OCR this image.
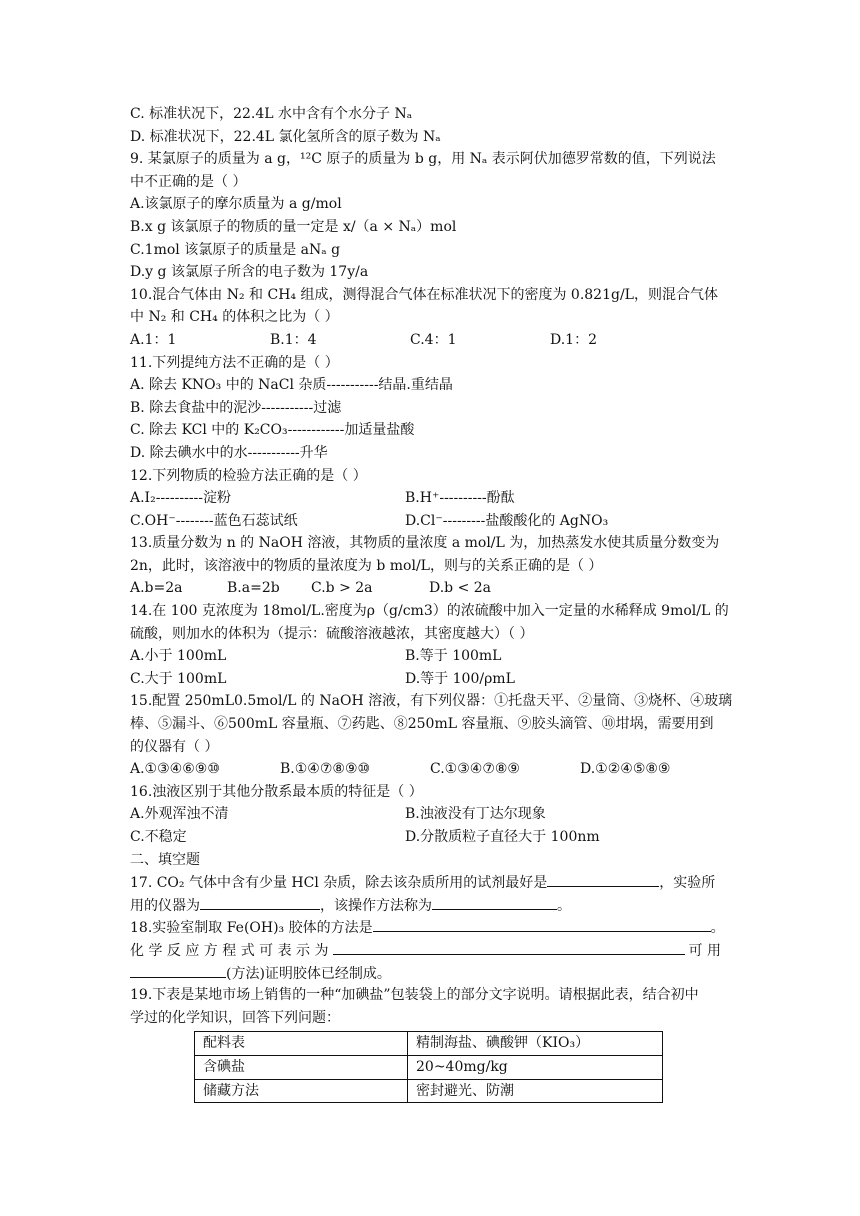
C. 标准状况下，22.4L 水中含有个水分子 Nₐ
D. 标准状况下，22.4L 氯化氢所含的原子数为 Nₐ
9. 某氯原子的质量为 a g，¹²C 原子的质量为 b g，用 Nₐ 表示阿伏加德罗常数的值，下列说法
中不正确的是（ ）
A.该氯原子的摩尔质量为 a g/mol
B.x g 该氯原子的物质的量一定是 x/（a × Nₐ）mol
C.1mol 该氯原子的质量是 aNₐ g
D.y g 该氯原子所含的电子数为 17y/a
10.混合气体由 N₂ 和 CH₄ 组成，测得混合气体在标准状况下的密度为 0.821g/L，则混合气体
中 N₂ 和 CH₄ 的体积之比为（ ）
A.1：1	B.1：4	C.4：1	D.1：2
11.下列提纯方法不正确的是（ ）
A. 除去 KNO₃ 中的 NaCl 杂质-----------结晶.重结晶
B. 除去食盐中的泥沙-----------过滤
C. 除去 KCl 中的 K₂CO₃------------加适量盐酸
D. 除去碘水中的水-----------升华
12.下列物质的检验方法正确的是（ ）
A.I₂----------淀粉	B.H⁺----------酚酞
C.OH⁻--------蓝色石蕊试纸	D.Cl⁻---------盐酸酸化的 AgNO₃
13.质量分数为 n 的 NaOH 溶液，其物质的量浓度 a mol/L 为，加热蒸发水使其质量分数变为
2n，此时，该溶液中的物质的量浓度为 b mol/L，则与的关系正确的是（ ）
A.b=2a	B.a=2b	C.b > 2a	D.b < 2a
14.在 100 克浓度为 18mol/L.密度为ρ（g/cm3）的浓硫酸中加入一定量的水稀释成 9mol/L 的
硫酸，则加水的体积为（提示：硫酸溶液越浓，其密度越大）（ ）
A.小于 100mL	B.等于 100mL
C.大于 100mL	D.等于 100/ρmL
15.配置 250mL0.5mol/L 的 NaOH 溶液，有下列仪器：①托盘天平、②量筒、③烧杯、④玻璃
棒、⑤漏斗、⑥500mL 容量瓶、⑦药匙、⑧250mL 容量瓶、⑨胶头滴管、⑩坩埚，需要用到
的仪器有（ ）
A.①③④⑥⑨⑩	B.①④⑦⑧⑨⑩	C.①③④⑦⑧⑨	D.①②④⑤⑧⑨
16.浊液区别于其他分散系最本质的特征是（ ）
A.外观浑浊不清	B.浊液没有丁达尔现象
C.不稳定	D.分散质粒子直径大于 100nm
二、填空题
17. CO₂ 气体中含有少量 HCl 杂质，除去该杂质所用的试剂最好是	，实验所
用的仪器为	，该操作方法称为	。
18.实验室制取 Fe(OH)₃ 胶体的方法是	。
化 学 反 应 方 程 式 可 表 示 为	可 用
(方法)证明胶体已经制成。
19.下表是某地市场上销售的一种“加碘盐”包装袋上的部分文字说明。请根据此表，结合初中
学过的化学知识，回答下列问题：
配料表	精制海盐、碘酸钾（KIO₃）
含碘盐	20~40mg/kg
储藏方法	密封避光、防潮
